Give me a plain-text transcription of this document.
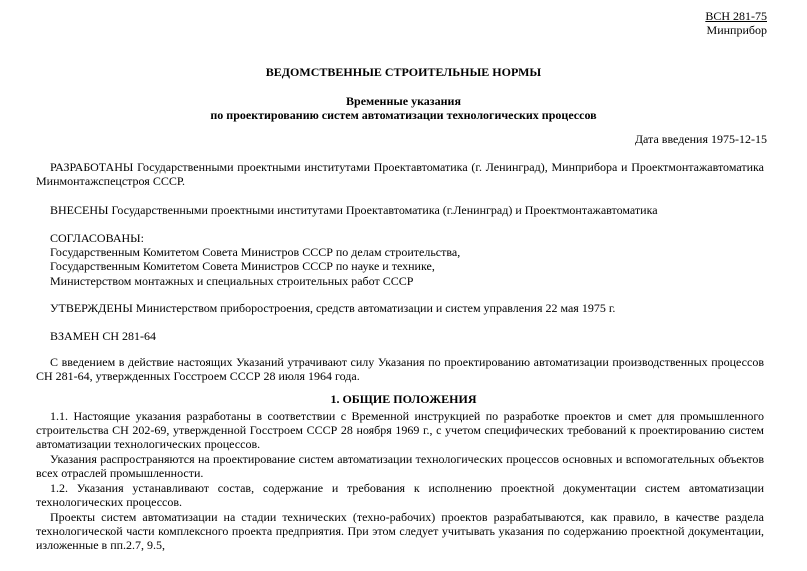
ВСН 281-75
Минприбор
ВЕДОМСТВЕННЫЕ СТРОИТЕЛЬНЫЕ НОРМЫ
Временные указания
по проектированию систем автоматизации технологических процессов
Дата введения 1975-12-15
РАЗРАБОТАНЫ Государственными проектными институтами Проектавтоматика (г. Ленинград), Минприбора и Проектмонтажавтоматика Минмонтажспецстроя СССР.
ВНЕСЕНЫ Государственными проектными институтами Проектавтоматика (г.Ленинград) и Проектмонтажавтоматика
СОГЛАСОВАНЫ:
Государственным Комитетом Совета Министров СССР по делам строительства,
Государственным Комитетом Совета Министров СССР по науке и технике,
Министерством монтажных и специальных строительных работ СССР
УТВЕРЖДЕНЫ Министерством приборостроения, средств автоматизации и систем управления 22 мая 1975 г.
ВЗАМЕН СН 281-64
С введением в действие настоящих Указаний утрачивают силу Указания по проектированию автоматизации производственных процессов СН 281-64, утвержденных Госстроем СССР 28 июля 1964 года.
1. ОБЩИЕ ПОЛОЖЕНИЯ
1.1. Настоящие указания разработаны в соответствии с Временной инструкцией по разработке проектов и смет для промышленного строительства СН 202-69, утвержденной Госстроем СССР 28 ноября 1969 г., с учетом специфических требований к проектированию систем автоматизации технологических процессов.
Указания распространяются на проектирование систем автоматизации технологических процессов основных и вспомогательных объектов всех отраслей промышленности.
1.2. Указания устанавливают состав, содержание и требования к исполнению проектной документации систем автоматизации технологических процессов.
Проекты систем автоматизации на стадии технических (техно-рабочих) проектов разрабатываются, как правило, в качестве раздела технологической части комплексного проекта предприятия. При этом следует учитывать указания по содержанию проектной документации, изложенные в пп.2.7, 9.5,
